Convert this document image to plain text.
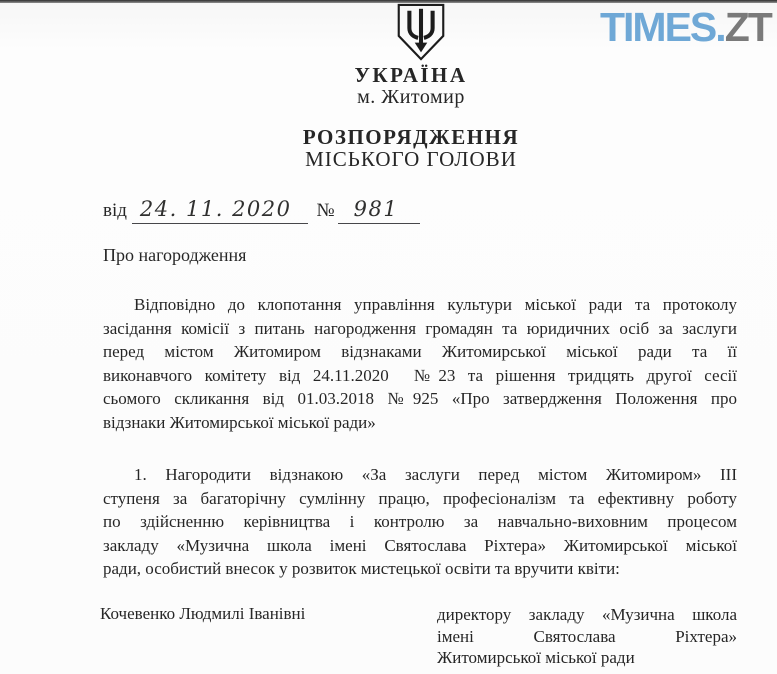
TIMES.ZT
УКРАЇНА
м. Житомир
РОЗПОРЯДЖЕННЯ
МІСЬКОГО ГОЛОВИ
від 24. 11. 2020	№ 981
Про нагородження
Відповідно до клопотання управління культури міської ради та протоколу
засідання комісії з питань нагородження громадян та юридичних осіб за заслуги
перед містом Житомиром відзнаками Житомирської міської ради та її
виконавчого комітету від 24.11.2020  №23 та рішення тридцять другої сесії
сьомого скликання від 01.03.2018 №925 «Про затвердження Положення про
відзнаки Житомирської міської ради»
1. Нагородити відзнакою «За заслуги перед містом Житомиром» ІІІ
ступеня за багаторічну сумлінну працю, професіоналізм та ефективну роботу
по здійсненню керівництва і контролю за навчально-виховним процесом
закладу «Музична школа імені Святослава Ріхтера» Житомирської міської
ради, особистий внесок у розвиток мистецької освіти та вручити квіти:
Кочевенко Людмилі Іванівні	директору закладу «Музична школа
імені Святослава Ріхтера»
Житомирської міської ради
